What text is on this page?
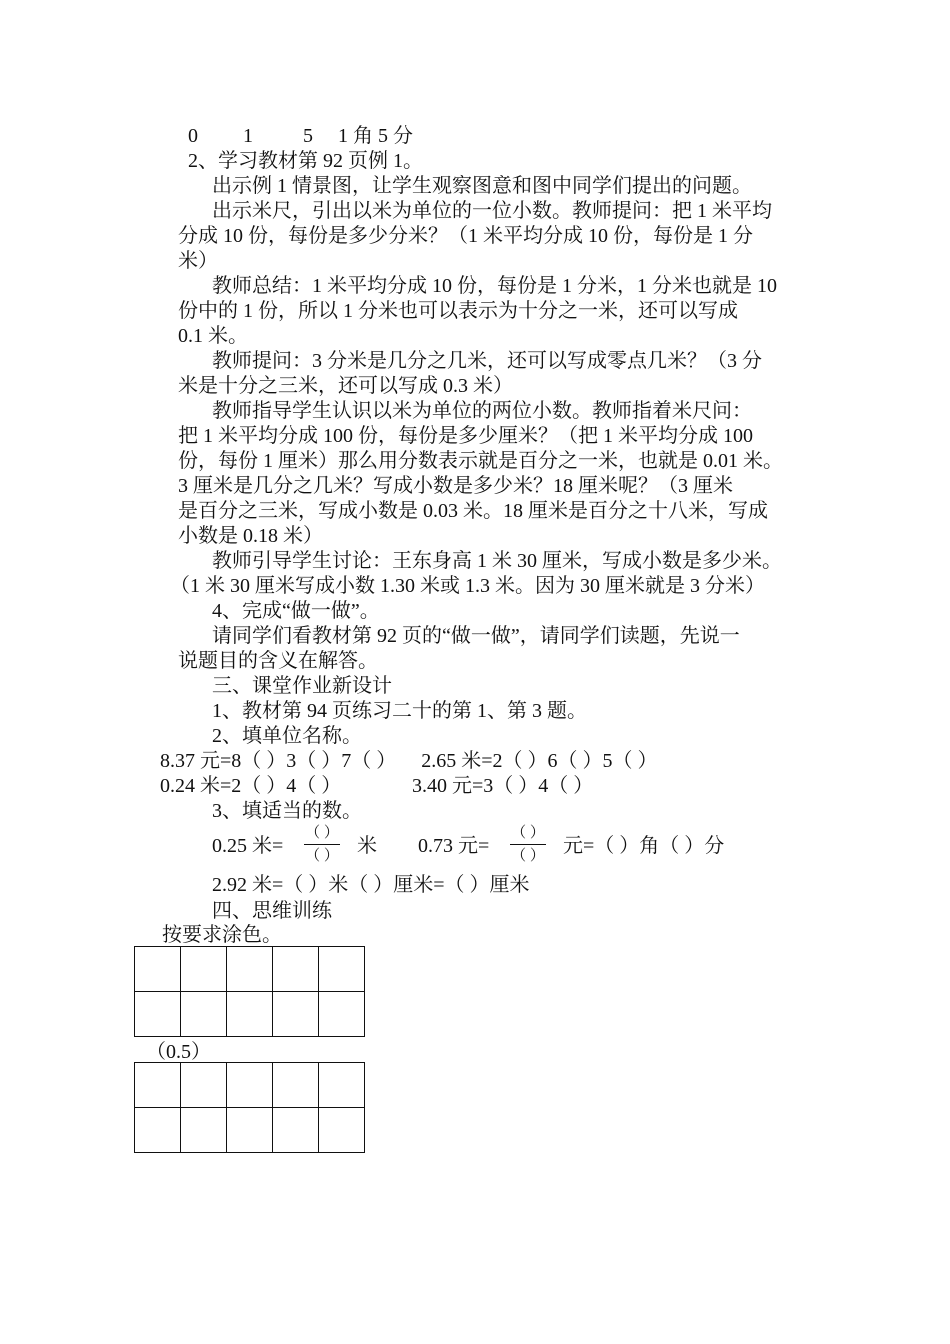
0         1          5     1 角 5 分
2、学习教材第 92 页例 1。
出示例 1 情景图，让学生观察图意和图中同学们提出的问题。
出示米尺，引出以米为单位的一位小数。教师提问：把 1 米平均
分成 10 份，每份是多少分米？（1 米平均分成 10 份，每份是 1 分
米）
教师总结：1 米平均分成 10 份，每份是 1 分米，1 分米也就是 10
份中的 1 份，所以 1 分米也可以表示为十分之一米，还可以写成
0.1 米。
教师提问：3 分米是几分之几米，还可以写成零点几米？（3 分
米是十分之三米，还可以写成 0.3 米）
教师指导学生认识以米为单位的两位小数。教师指着米尺问：
把 1 米平均分成 100 份，每份是多少厘米？（把 1 米平均分成 100
份，每份 1 厘米）那么用分数表示就是百分之一米，也就是 0.01 米。
3 厘米是几分之几米？写成小数是多少米？18 厘米呢？（3 厘米
是百分之三米，写成小数是 0.03 米。18 厘米是百分之十八米，写成
小数是 0.18 米）
教师引导学生讨论：王东身高 1 米 30 厘米，写成小数是多少米。
（1 米 30 厘米写成小数 1.30 米或 1.3 米。因为 30 厘米就是 3 分米）
4、完成“做一做”。
请同学们看教材第 92 页的“做一做”，请同学们读题，先说一
说题目的含义在解答。
三、课堂作业新设计
1、教材第 94 页练习二十的第 1、第 3 题。
2、填单位名称。
8.37 元=8（ ）3（ ）7（ ）     2.65 米=2（ ）6（ ）5（ ）
0.24 米=2（ ）4（ ）	3.40 元=3（ ）4（ ）
3、填适当的数。
0.25 米=
（ ）
（ ） 米 0.73 元=
（ ）
（ ） 元=（ ）角（ ）分
2.92 米=（ ）米（ ）厘米=（ ）厘米
四、思维训练
按要求涂色。

（0.5）
